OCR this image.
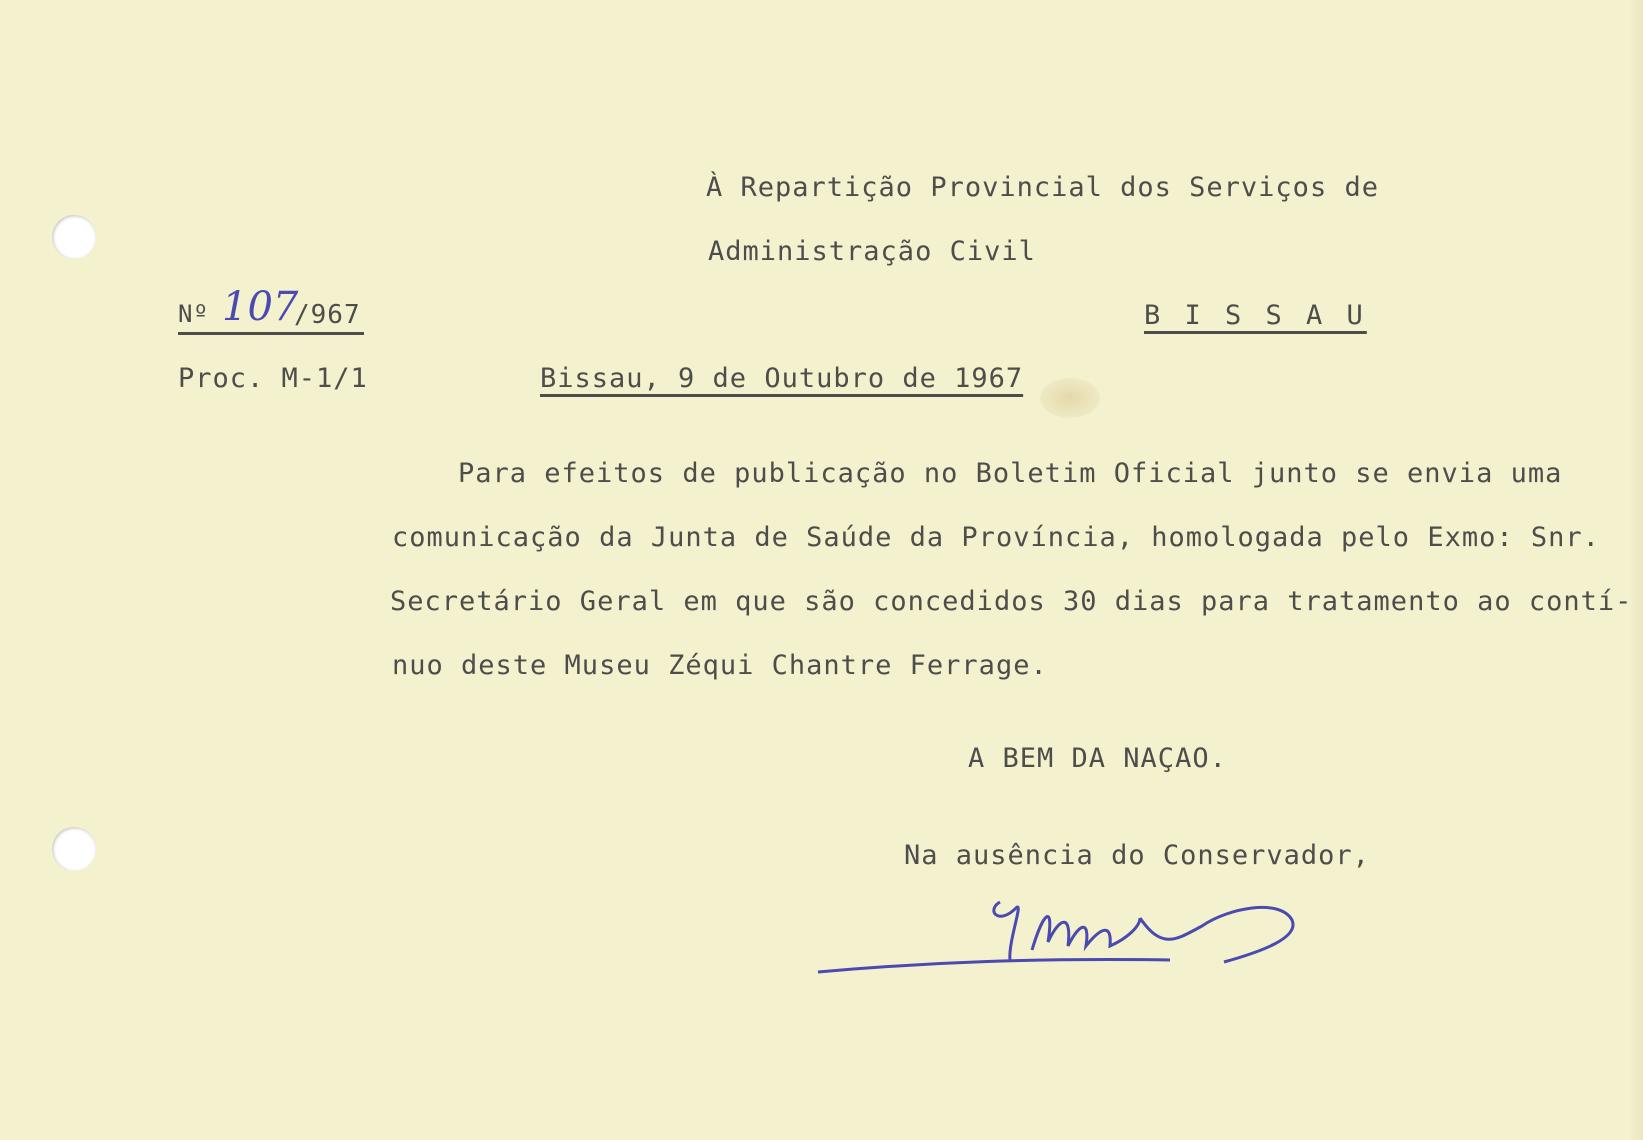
À Repartição Provincial dos Serviços de
Administração Civil
Nº 107
/967	B I S S A U
Proc. M-1/1	Bissau, 9 de Outubro de 1967
Para efeitos de publicação no Boletim Oficial junto se envia uma
comunicação da Junta de Saúde da Província, homologada pelo Exmo: Snr.
Secretário Geral em que são concedidos 30 dias para tratamento ao contí-
nuo deste Museu Zéqui Chantre Ferrage.
A BEM DA NAÇAO.
Na ausência do Conservador,
